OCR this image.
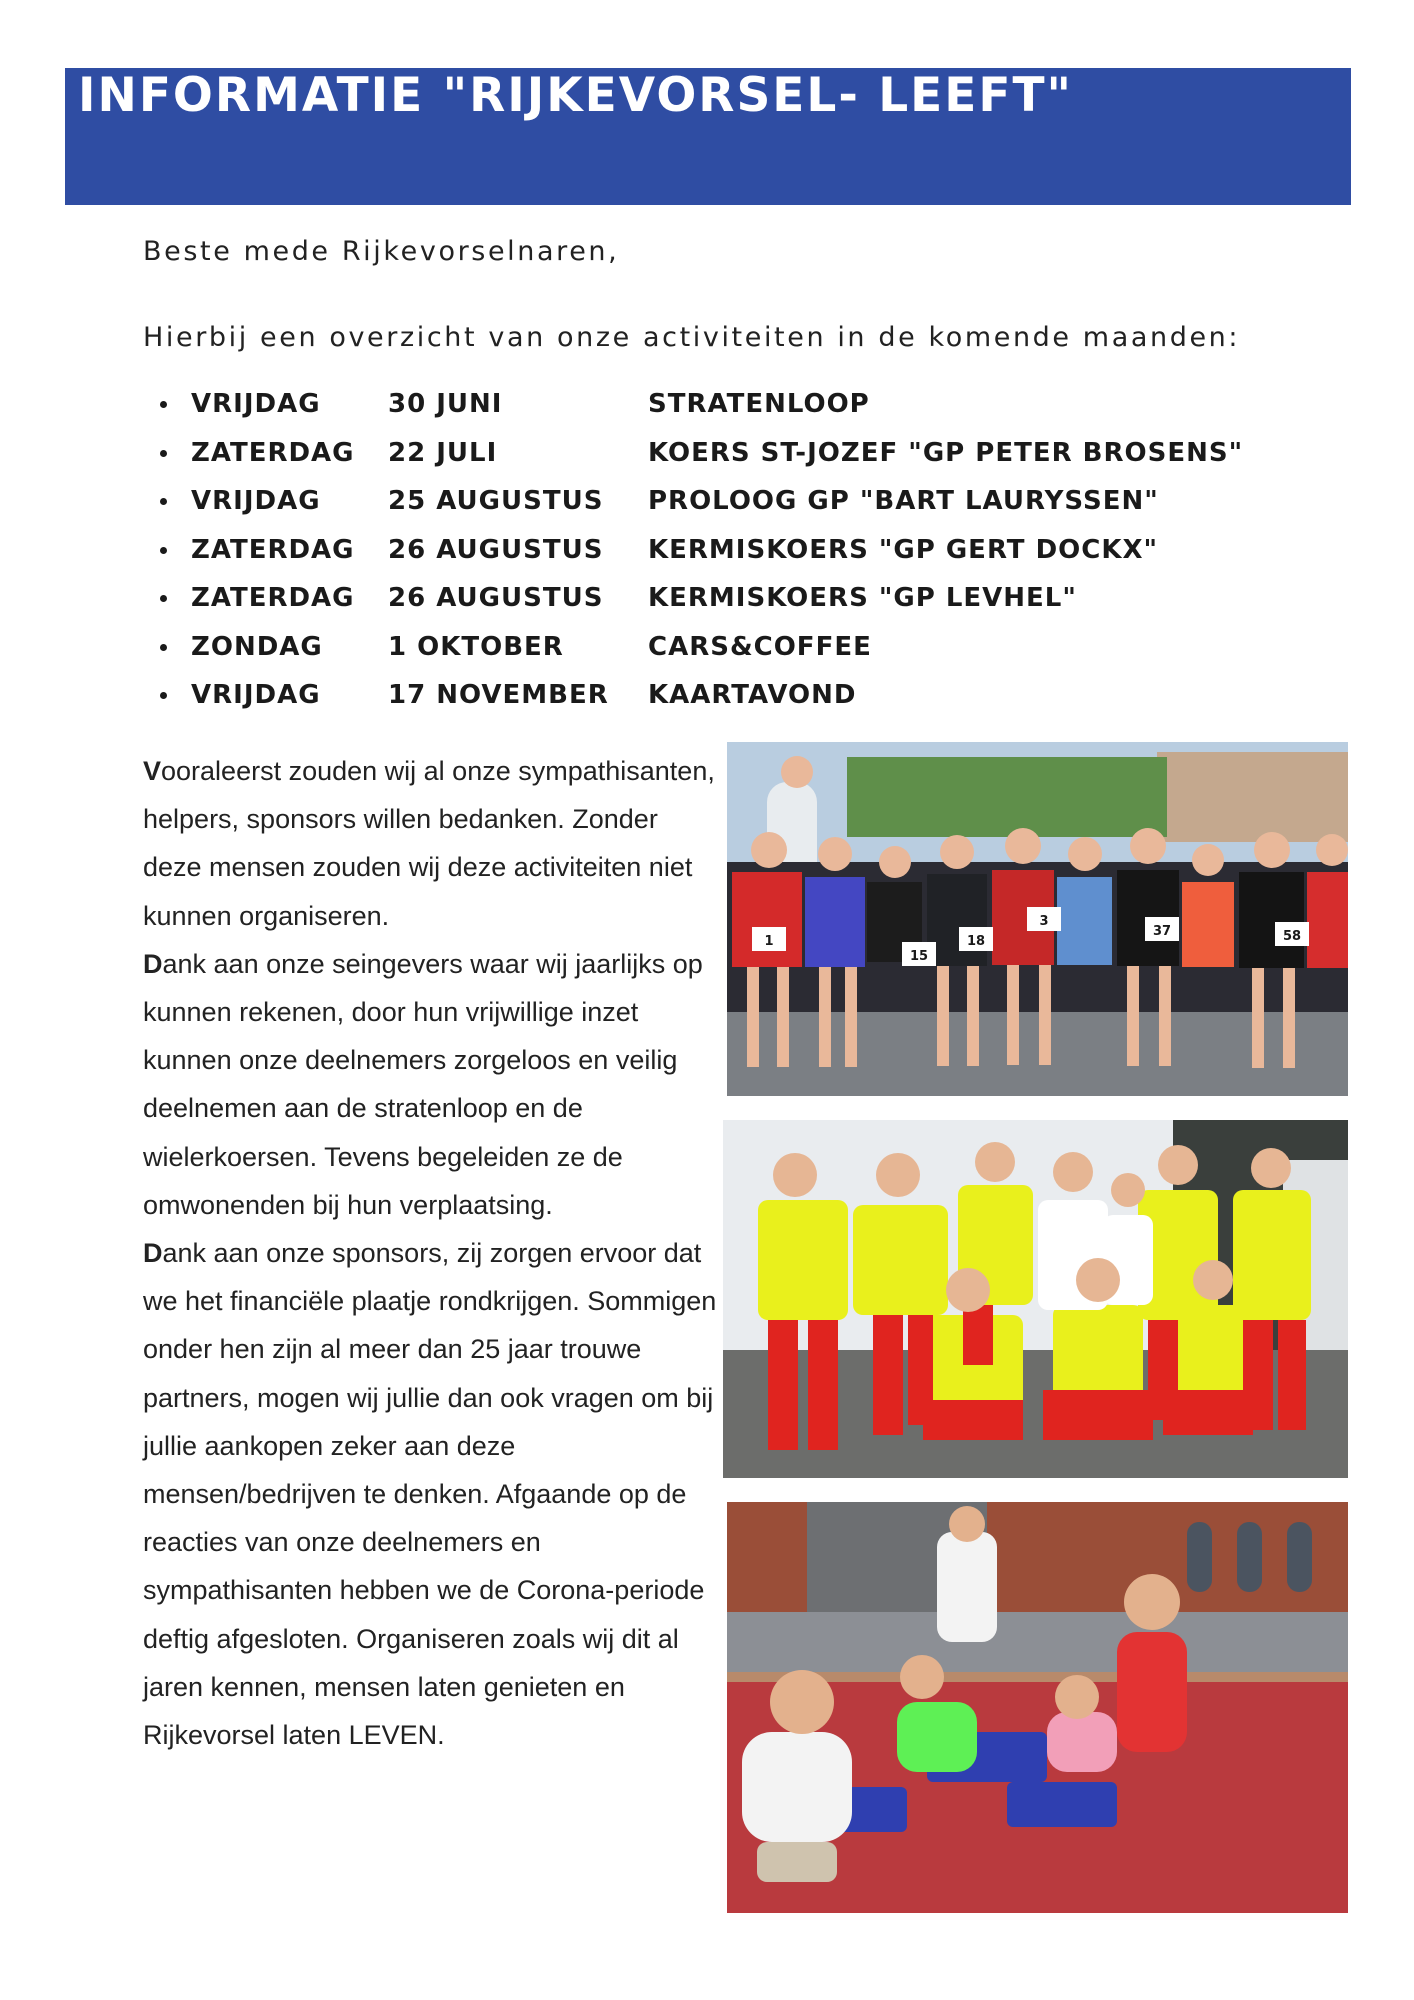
INFORMATIE "RIJKEVORSEL- LEEFT"

Beste mede Rijkevorselnaren,

Hierbij een overzicht van onze activiteiten in de komende maanden:

VRIJDAG	30 JUNI	STRATENLOOP
ZATERDAG 22 JULI	KOERS ST-JOZEF "GP PETER BROSENS"
VRIJDAG	25 AUGUSTUS PROLOOG GP "BART LAURYSSEN"
ZATERDAG 26 AUGUSTUS KERMISKOERS "GP GERT DOCKX"
ZATERDAG 26 AUGUSTUS KERMISKOERS "GP LEVHEL"
ZONDAG	1 OKTOBER	CARS&COFFEE
VRIJDAG	17 NOVEMBER KAARTAVOND

Vooraleerst zouden wij al onze sympathisanten, helpers, sponsors willen bedanken. Zonder deze mensen zouden wij deze activiteiten niet kunnen organiseren.

Dank aan onze seingevers waar wij jaarlijks op kunnen rekenen, door hun vrijwillige inzet kunnen onze deelnemers zorgeloos en veilig deelnemen aan de stratenloop en de wielerkoersen. Tevens begeleiden ze de omwonenden bij hun verplaatsing.

Dank aan onze sponsors, zij zorgen ervoor dat we het financiële plaatje rondkrijgen. Sommigen onder hen zijn al meer dan 25 jaar trouwe partners, mogen wij jullie dan ook vragen om bij jullie aankopen zeker aan deze mensen/bedrijven te denken. Afgaande op de reacties van onze deelnemers en sympathisanten hebben we de Corona-periode deftig afgesloten. Organiseren zoals wij dit al jaren kennen, mensen laten genieten en Rijkevorsel laten LEVEN.

1
3
15
18
37	58
